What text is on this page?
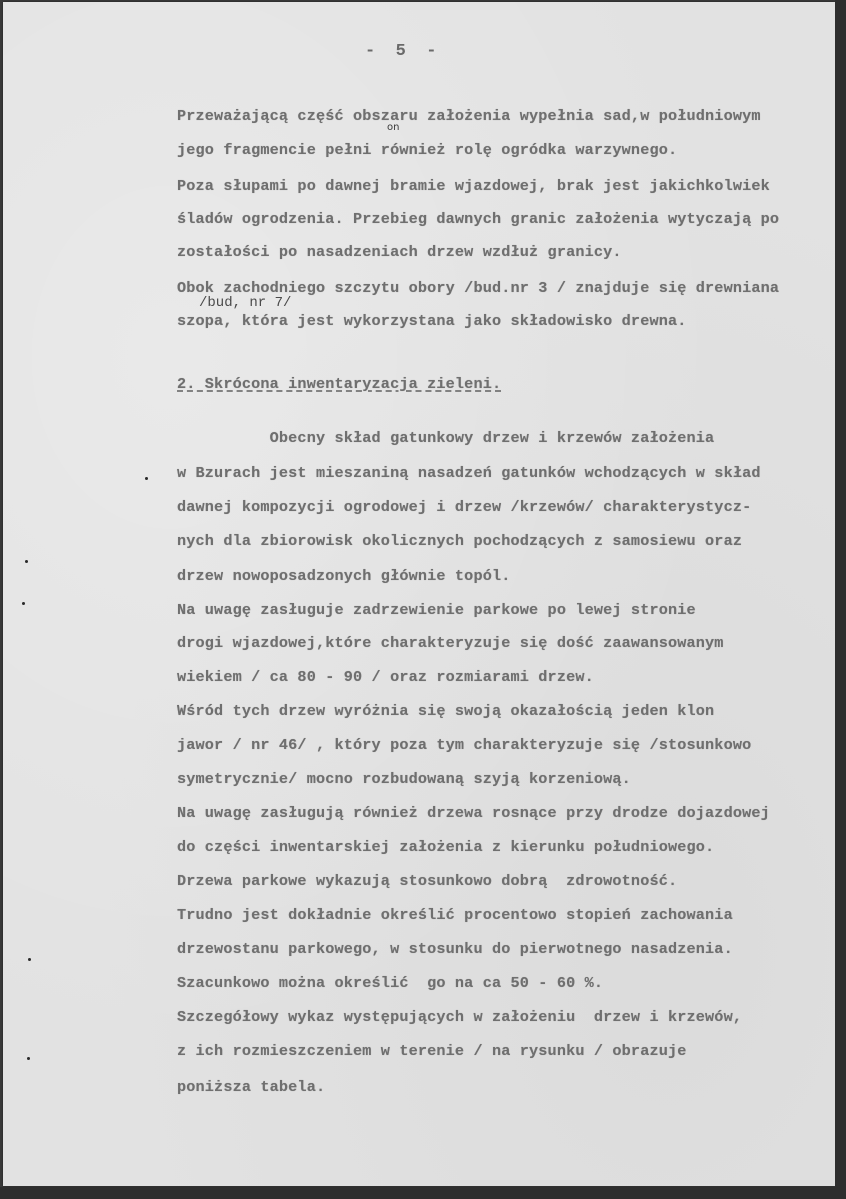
-  5  -
Przeważającą część obszaru założenia wypełnia sad,w południowym
on
jego fragmencie pełni również rolę ogródka warzywnego.
Poza słupami po dawnej bramie wjazdowej, brak jest jakichkolwiek
śladów ogrodzenia. Przebieg dawnych granic założenia wytyczają po
zostałości po nasadzeniach drzew wzdłuż granicy.
Obok zachodniego szczytu obory /bud.nr 3 / znajduje się drewniana
/bud, nr 7/
szopa, która jest wykorzystana jako składowisko drewna.
2. Skrócona inwentaryzacja zieleni.
Obecny skład gatunkowy drzew i krzewów założenia
w Bzurach jest mieszaniną nasadzeń gatunków wchodzących w skład
dawnej kompozycji ogrodowej i drzew /krzewów/ charakterystycz-
nych dla zbiorowisk okolicznych pochodzących z samosiewu oraz
drzew nowoposadzonych głównie topól.
Na uwagę zasługuje zadrzewienie parkowe po lewej stronie
drogi wjazdowej,które charakteryzuje się dość zaawansowanym
wiekiem / ca 80 - 90 / oraz rozmiarami drzew.
Wśród tych drzew wyróżnia się swoją okazałością jeden klon
jawor / nr 46/ , który poza tym charakteryzuje się /stosunkowo
symetrycznie/ mocno rozbudowaną szyją korzeniową.
Na uwagę zasługują również drzewa rosnące przy drodze dojazdowej
do części inwentarskiej założenia z kierunku południowego.
Drzewa parkowe wykazują stosunkowo dobrą  zdrowotność.
Trudno jest dokładnie określić procentowo stopień zachowania
drzewostanu parkowego, w stosunku do pierwotnego nasadzenia.
Szacunkowo można określić  go na ca 50 - 60 %.
Szczegółowy wykaz występujących w założeniu  drzew i krzewów,
z ich rozmieszczeniem w terenie / na rysunku / obrazuje
poniższa tabela.
